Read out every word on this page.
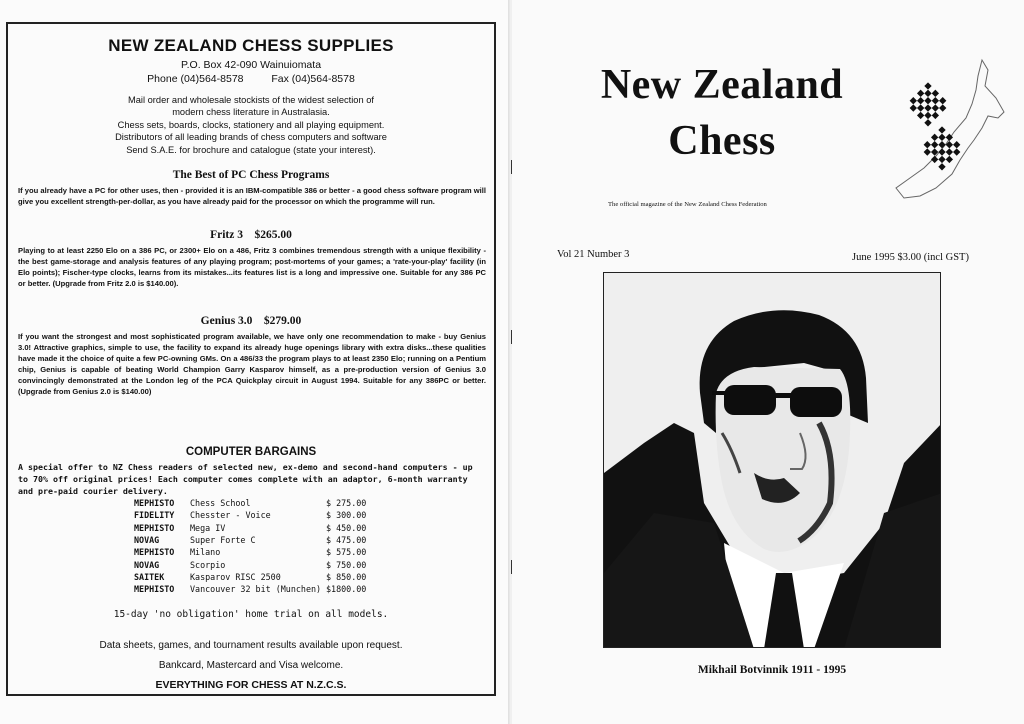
NEW ZEALAND CHESS SUPPLIES
P.O. Box 42-090 Wainuiomata
Phone (04)564-8578	Fax (04)564-8578
Mail order and wholesale stockists of the widest selection of
modern chess literature in Australasia.
Chess sets, boards, clocks, stationery and all playing equipment.
Distributors of all leading brands of chess computers and software
Send S.A.E. for brochure and catalogue (state your interest).
The Best of PC Chess Programs
If you already have a PC for other uses, then - provided it is an IBM-compatible 386 or better - a good chess software program will give you excellent strength-per-dollar, as you have already paid for the processor on which the programme will run.
Fritz 3    $265.00
Playing to at least 2250 Elo on a 386 PC, or 2300+ Elo on a 486, Fritz 3 combines tremendous strength with a unique flexibility - the best game-storage and analysis features of any playing program; post-mortems of your games; a 'rate-your-play' facility (in Elo points); Fischer-type clocks, learns from its mistakes...its features list is a long and impressive one. Suitable for any 386 PC or better. (Upgrade from Fritz 2.0 is $140.00).
Genius 3.0    $279.00
If you want the strongest and most sophisticated program available, we have only one recommendation to make - buy Genius 3.0! Attractive graphics, simple to use, the facility to expand its already huge openings library with extra disks...these qualities have made it the choice of quite a few PC-owning GMs. On a 486/33 the program plays to at least 2350 Elo; running on a Pentium chip, Genius is capable of beating World Champion Garry Kasparov himself, as a pre-production version of Genius 3.0 convincingly demonstrated at the London leg of the PCA Quickplay circuit in August 1994. Suitable for any 386PC or better. (Upgrade from Genius 2.0 is $140.00)
COMPUTER BARGAINS
A special offer to NZ Chess readers of selected new, ex-demo and second-hand computers - up to 70% off original prices! Each computer comes complete with an adaptor, 6-month warranty and pre-paid courier delivery.
MEPHISTO	Chess School	$ 275.00
FIDELITY	Chesster - Voice	$ 300.00
MEPHISTO	Mega IV	$ 450.00
NOVAG	Super Forte C	$ 475.00
MEPHISTO	Milano	$ 575.00
NOVAG	Scorpio	$ 750.00
SAITEK	Kasparov RISC 2500	$ 850.00
MEPHISTO	Vancouver 32 bit (Munchen)	$1800.00
15-day 'no obligation' home trial on all models.
Data sheets, games, and tournament results available upon request.
Bankcard, Mastercard and Visa welcome.
EVERYTHING FOR CHESS AT N.Z.C.S.
New Zealand
Chess
The official magazine of the New Zealand Chess Federation
Vol 21 Number 3	June 1995 $3.00 (incl GST)
Mikhail Botvinnik 1911 - 1995
